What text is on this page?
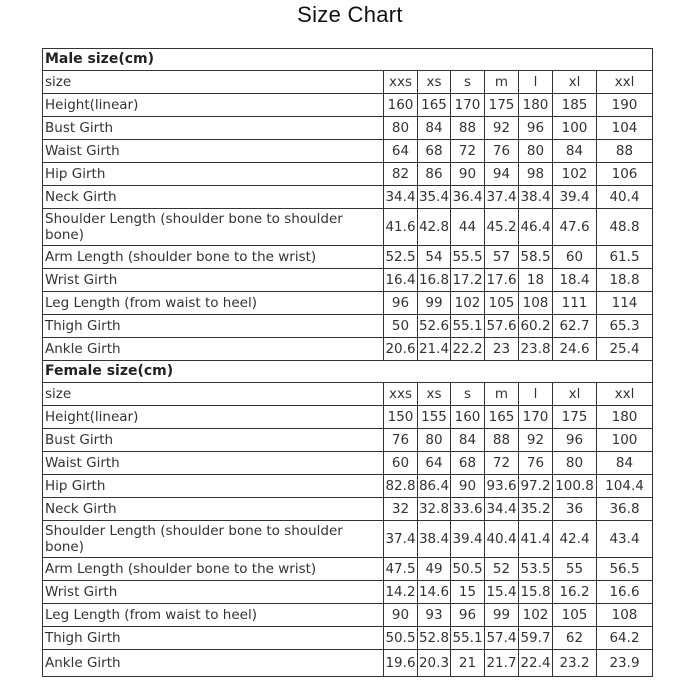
Size Chart
Male size(cm)							
size	xxs	xs	s	m	l	xl	xxl
Height(linear)	160	165	170	175	180	185	190
Bust Girth	80	84	88	92	96	100	104
Waist Girth	64	68	72	76	80	84	88
Hip Girth	82	86	90	94	98	102	106
Neck Girth	34.4	35.4	36.4	37.4	38.4	39.4	40.4
Shoulder Length (shoulder bone to shoulder bone)	41.6	42.8	44	45.2	46.4	47.6	48.8
Arm Length (shoulder bone to the wrist)	52.5	54	55.5	57	58.5	60	61.5
Wrist Girth	16.4	16.8	17.2	17.6	18	18.4	18.8
Leg Length (from waist to heel)	96	99	102	105	108	111	114
Thigh Girth	50	52.6	55.1	57.6	60.2	62.7	65.3
Ankle Girth	20.6	21.4	22.2	23	23.8	24.6	25.4
Female size(cm)							
size	xxs	xs	s	m	l	xl	xxl
Height(linear)	150	155	160	165	170	175	180
Bust Girth	76	80	84	88	92	96	100
Waist Girth	60	64	68	72	76	80	84
Hip Girth	82.8	86.4	90	93.6	97.2	100.8	104.4
Neck Girth	32	32.8	33.6	34.4	35.2	36	36.8
Shoulder Length (shoulder bone to shoulder bone)	37.4	38.4	39.4	40.4	41.4	42.4	43.4
Arm Length (shoulder bone to the wrist)	47.5	49	50.5	52	53.5	55	56.5
Wrist Girth	14.2	14.6	15	15.4	15.8	16.2	16.6
Leg Length (from waist to heel)	90	93	96	99	102	105	108
Thigh Girth	50.5	52.8	55.1	57.4	59.7	62	64.2
Ankle Girth	19.6	20.3	21	21.7	22.4	23.2	23.9
